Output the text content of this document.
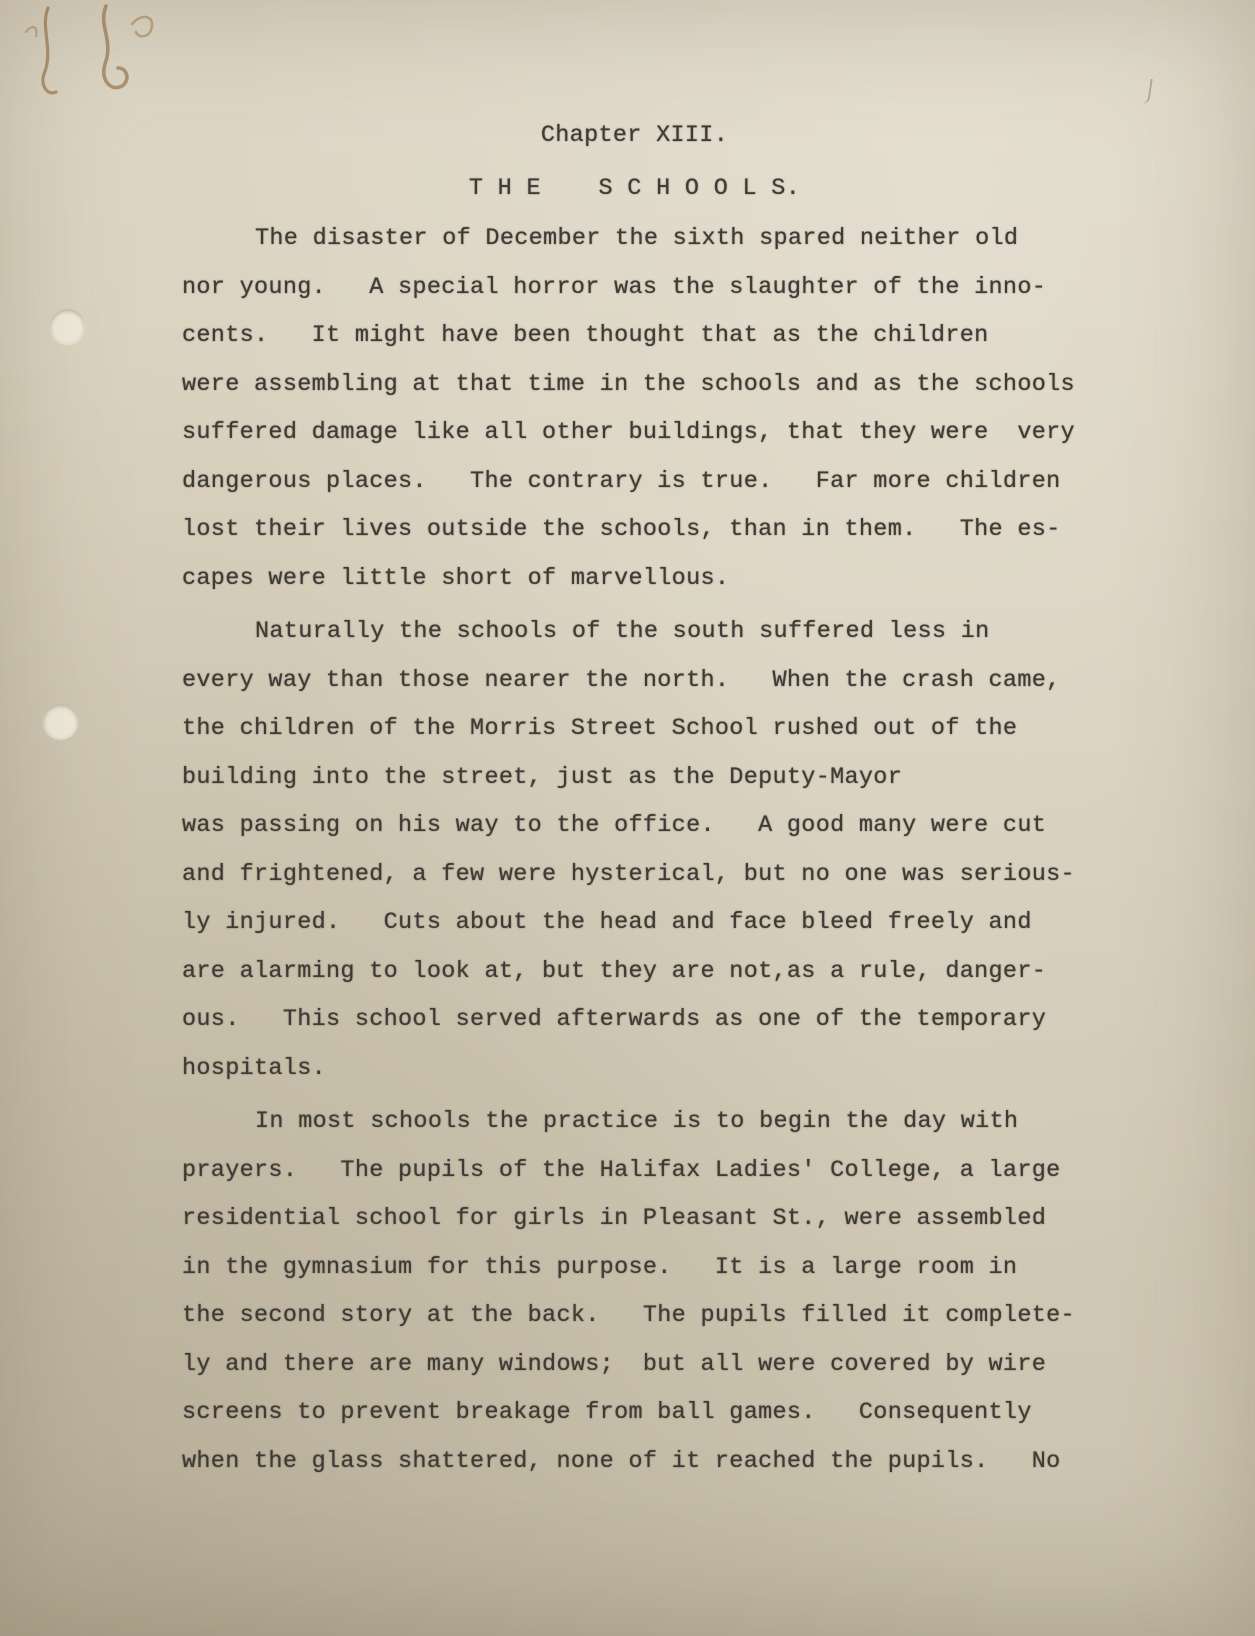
Chapter XIII.
T H E    S C H O O L S.
The disaster of December the sixth spared neither old
nor young.   A special horror was the slaughter of the inno-
cents.   It might have been thought that as the children
were assembling at that time in the schools and as the schools
suffered damage like all other buildings, that they were  very
dangerous places.   The contrary is true.   Far more children
lost their lives outside the schools, than in them.   The es-
capes were little short of marvellous.
Naturally the schools of the south suffered less in
every way than those nearer the north.   When the crash came,
the children of the Morris Street School rushed out of the
building into the street, just as the Deputy-Mayor
was passing on his way to the office.   A good many were cut
and frightened, a few were hysterical, but no one was serious-
ly injured.   Cuts about the head and face bleed freely and
are alarming to look at, but they are not,as a rule, danger-
ous.   This school served afterwards as one of the temporary
hospitals.
In most schools the practice is to begin the day with
prayers.   The pupils of the Halifax Ladies' College, a large
residential school for girls in Pleasant St., were assembled
in the gymnasium for this purpose.   It is a large room in
the second story at the back.   The pupils filled it complete-
ly and there are many windows;  but all were covered by wire
screens to prevent breakage from ball games.   Consequently
when the glass shattered, none of it reached the pupils.   No
